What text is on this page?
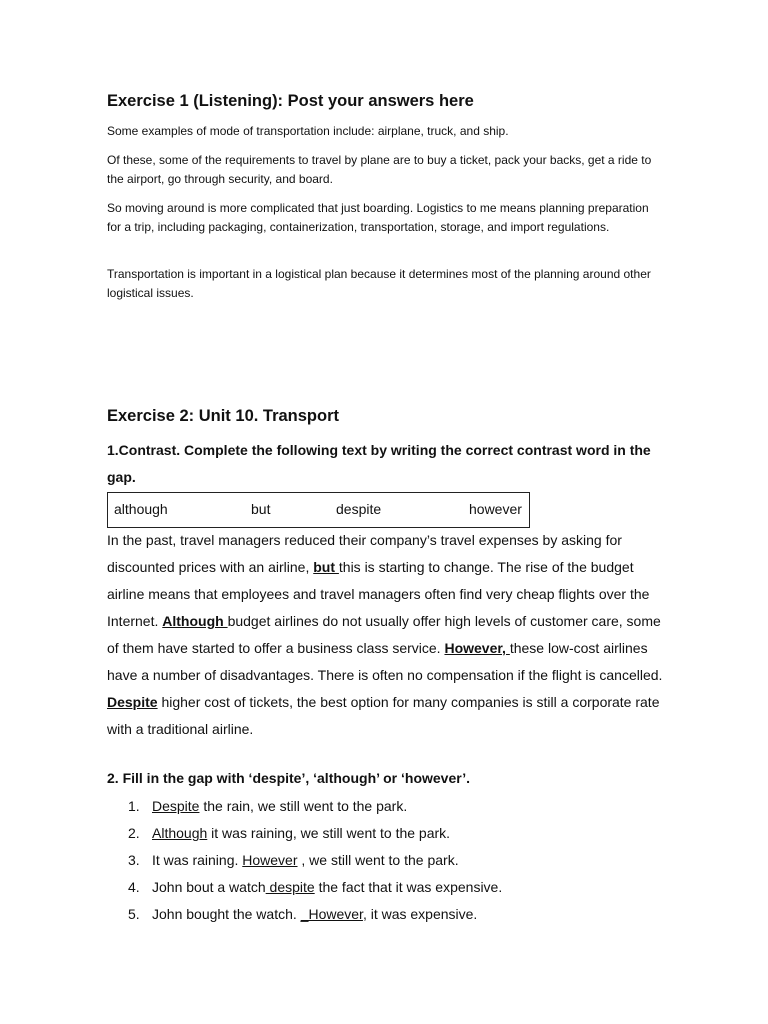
Exercise 1 (Listening): Post your answers here
Some examples of mode of transportation include: airplane, truck, and ship.
Of these, some of the requirements to travel by plane are to buy a ticket, pack your backs, get a ride to the airport, go through security, and board.
So moving around is more complicated that just boarding. Logistics to me means planning preparation for a trip, including packaging, containerization, transportation, storage, and import regulations.
Transportation is important in a logistical plan because it determines most of the planning around other logistical issues.
Exercise 2: Unit 10. Transport
1.Contrast. Complete the following text by writing the correct contrast word in the gap.
although	but	despite	however
In the past, travel managers reduced their company’s travel expenses by asking for discounted prices with an airline, but this is starting to change. The rise of the budget airline means that employees and travel managers often find very cheap flights over the Internet. Although budget airlines do not usually offer high levels of customer care, some of them have started to offer a business class service. However, these low-cost airlines have a number of disadvantages. There is often no compensation if the flight is cancelled. Despite higher cost of tickets, the best option for many companies is still a corporate rate with a traditional airline.
2. Fill in the gap with ‘despite’, ‘although’ or ‘however’.
1. Despite the rain, we still went to the park.
2. Although it was raining, we still went to the park.
3. It was raining. However , we still went to the park.
4. John bout a watch despite the fact that it was expensive.
5. John bought the watch. _However, it was expensive.
